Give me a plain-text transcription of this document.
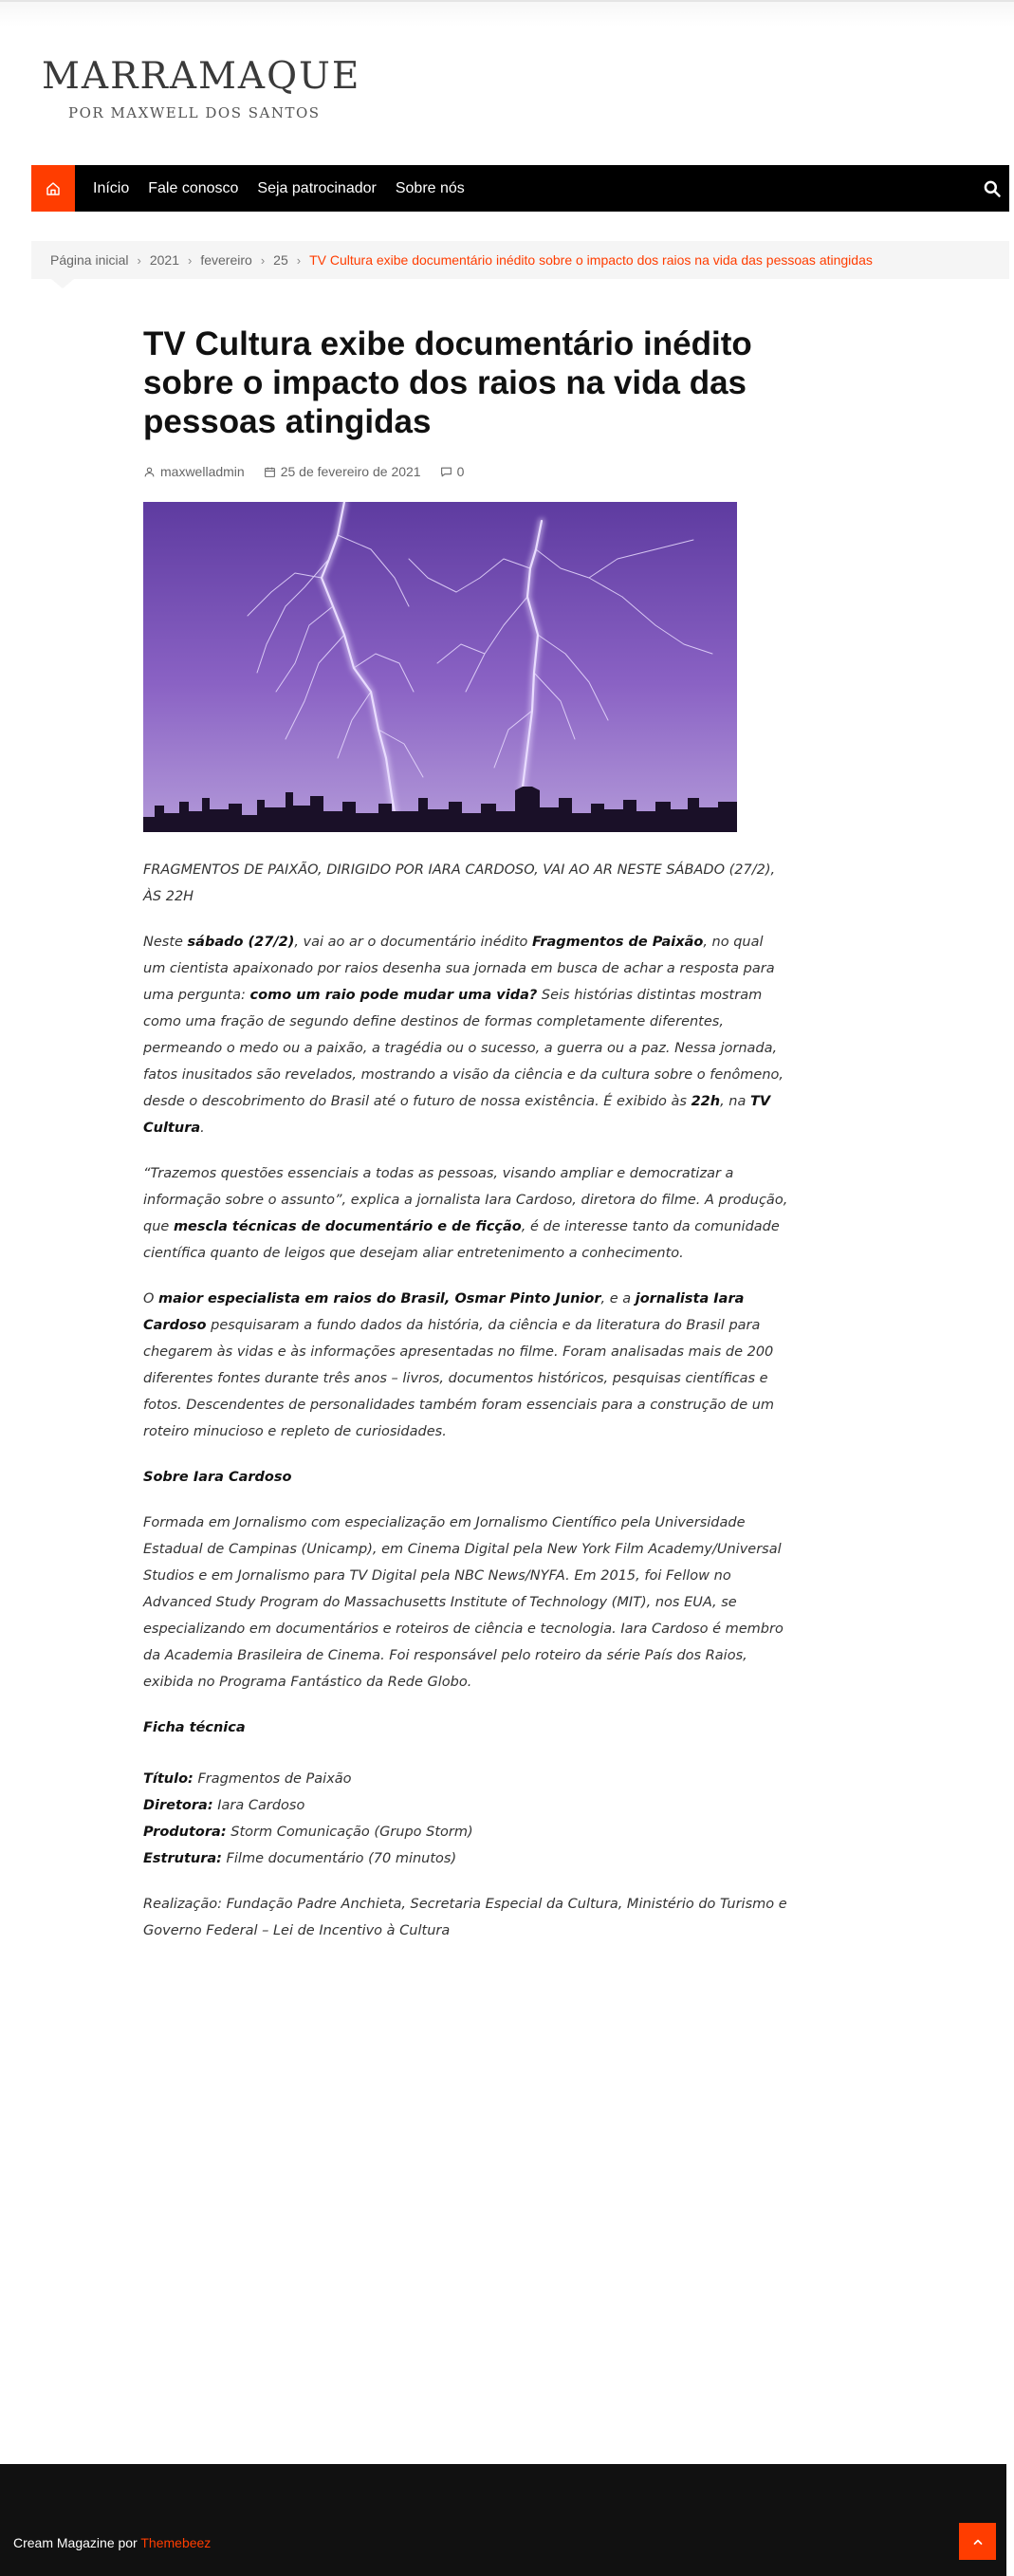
MARRAMAQUE
POR MAXWELL DOS SANTOS
Início Fale conosco Seja patrocinador Sobre nós
Página inicial › 2021 › fevereiro › 25 › TV Cultura exibe documentário inédito sobre o impacto dos raios na vida das pessoas atingidas
TV Cultura exibe documentário inédito sobre o impacto dos raios na vida das pessoas atingidas
maxwelladmin	25 de fevereiro de 2021	0

FRAGMENTOS DE PAIXÃO, DIRIGIDO POR IARA CARDOSO, VAI AO AR NESTE SÁBADO (27/2), ÀS 22H

Neste sábado (27/2), vai ao ar o documentário inédito Fragmentos de Paixão, no qual um cientista apaixonado por raios desenha sua jornada em busca de achar a resposta para uma pergunta: como um raio pode mudar uma vida? Seis histórias distintas mostram como uma fração de segundo define destinos de formas completamente diferentes, permeando o medo ou a paixão, a tragédia ou o sucesso, a guerra ou a paz. Nessa jornada, fatos inusitados são revelados, mostrando a visão da ciência e da cultura sobre o fenômeno, desde o descobrimento do Brasil até o futuro de nossa existência. É exibido às 22h, na TV Cultura.

“Trazemos questões essenciais a todas as pessoas, visando ampliar e democratizar a informação sobre o assunto”, explica a jornalista Iara Cardoso, diretora do filme. A produção, que mescla técnicas de documentário e de ficção, é de interesse tanto da comunidade científica quanto de leigos que desejam aliar entretenimento a conhecimento.

O maior especialista em raios do Brasil, Osmar Pinto Junior, e a jornalista Iara Cardoso pesquisaram a fundo dados da história, da ciência e da literatura do Brasil para chegarem às vidas e às informações apresentadas no filme. Foram analisadas mais de 200 diferentes fontes durante três anos – livros, documentos históricos, pesquisas científicas e fotos. Descendentes de personalidades também foram essenciais para a construção de um roteiro minucioso e repleto de curiosidades.

Sobre Iara Cardoso

Formada em Jornalismo com especialização em Jornalismo Científico pela Universidade Estadual de Campinas (Unicamp), em Cinema Digital pela New York Film Academy/Universal Studios e em Jornalismo para TV Digital pela NBC News/NYFA. Em 2015, foi Fellow no Advanced Study Program do Massachusetts Institute of Technology (MIT), nos EUA, se especializando em documentários e roteiros de ciência e tecnologia. Iara Cardoso é membro da Academia Brasileira de Cinema. Foi responsável pelo roteiro da série País dos Raios, exibida no Programa Fantástico da Rede Globo.

Ficha técnica

Título: Fragmentos de Paixão
Diretora: Iara Cardoso
Produtora: Storm Comunicação (Grupo Storm)
Estrutura: Filme documentário (70 minutos)

Realização: Fundação Padre Anchieta, Secretaria Especial da Cultura, Ministério do Turismo e Governo Federal – Lei de Incentivo à Cultura

Cream Magazine por Themebeez
